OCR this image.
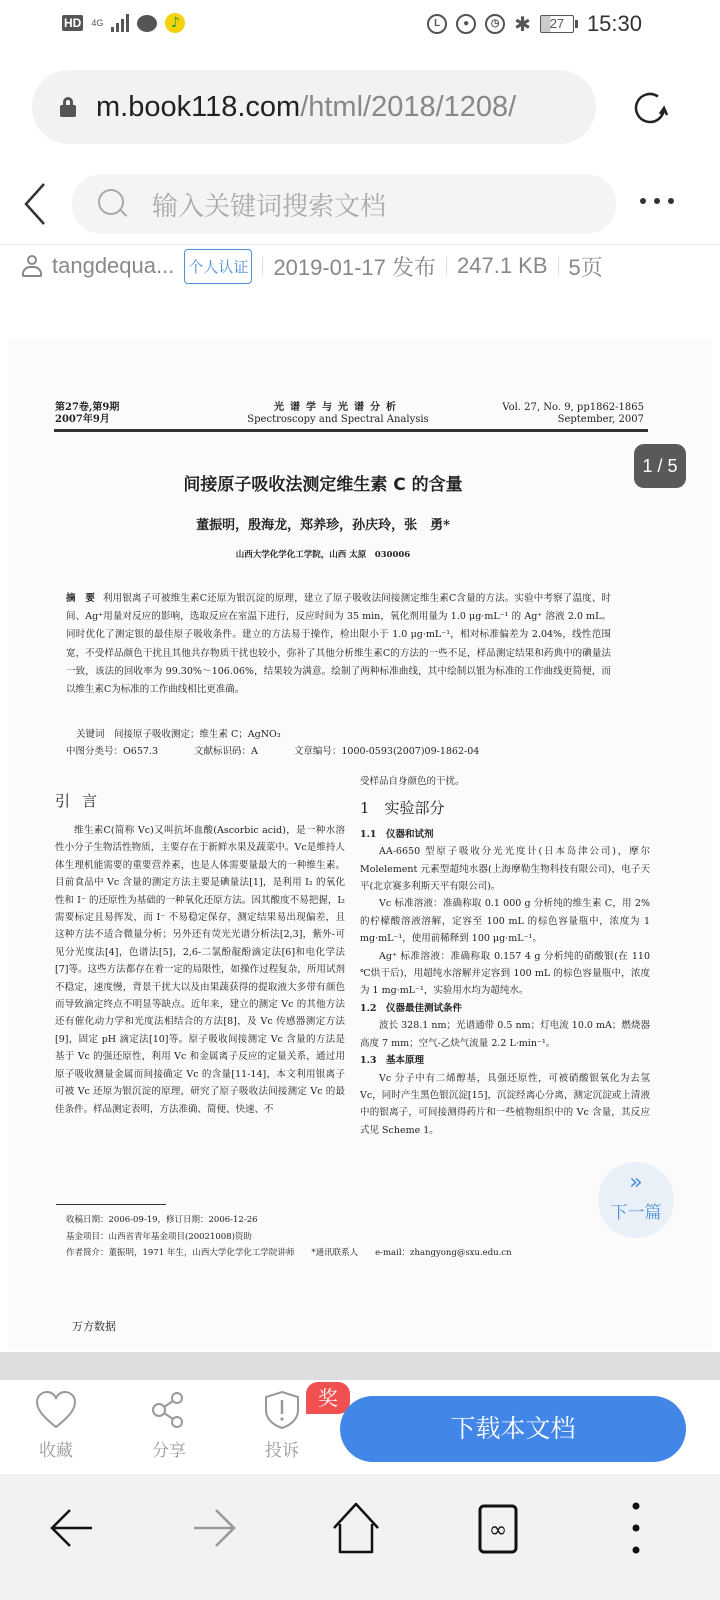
HD 4G	♪	L	●	◷ ✱	27	15:30
m.book118.com /html/2018/1208/
输入关键词搜索文档
tangdequa... 个人认证 2019-01-17 发布 247.1 KB 5页
第27卷,第9期
2007年9月
光谱学与光谱分析
Spectroscopy and Spectral Analysis
Vol. 27, No. 9, pp1862-1865
September, 2007
间接原子吸收法测定维生素 C 的含量
董振明，殷海龙，郑养珍，孙庆玲，张　勇*
山西大学化学化工学院，山西 太原　030006
摘　要 利用银离子可被维生素C还原为银沉淀的原理，建立了原子吸收法间接测定维生素C含量的方法。实验中考察了温度、时间、Ag⁺用量对反应的影响，选取反应在室温下进行，反应时间为 35 min，氧化剂用量为 1.0 μg·mL⁻¹ 的 Ag⁺ 溶液 2.0 mL。同时优化了测定银的最佳原子吸收条件。建立的方法易于操作，检出限小于 1.0 μg·mL⁻¹，相对标准偏差为 2.04%，线性范围宽，不受样品颜色干扰且其他共存物质干扰也较小，弥补了其他分析维生素C的方法的一些不足，样品测定结果和药典中的碘量法一致，该法的回收率为 99.30%～106.06%，结果较为满意。绘制了两种标准曲线，其中绘制以银为标准的工作曲线更简便，而以维生素C为标准的工作曲线相比更准确。
关键词　间接原子吸收测定；维生素 C；AgNO₃
中图分类号：O657.3	文献标识码：A	文章编号：1000-0593(2007)09-1862-04
引言

维生素C(简称 Vc)又叫抗坏血酸(Ascorbic acid)，是一种水溶性小分子生物活性物质，主要存在于新鲜水果及蔬菜中。Vc是维持人体生理机能需要的重要营养素，也是人体需要量最大的一种维生素。目前食品中 Vc 含量的测定方法主要是碘量法[1]，是利用 I₂ 的氧化性和 I⁻ 的还原性为基础的一种氧化还原方法。因其酸度不易把握，I₂ 需要标定且易挥发，而 I⁻ 不易稳定保存，测定结果易出现偏差，且这种方法不适合微量分析；另外还有荧光光谱分析法[2,3]，紫外-可见分光度法[4]，色谱法[5]，2,6-二氯酚靛酚滴定法[6]和电化学法[7]等。这些方法都存在着一定的局限性，如操作过程复杂，所用试剂不稳定，速度慢，背景干扰大以及由果蔬获得的提取液大多带有颜色而导致滴定终点不明显等缺点。近年来，建立的测定 Vc 的其他方法还有催化动力学和光度法相结合的方法[8]，及 Vc 传感器测定方法[9]，固定 pH 滴定法[10]等。原子吸收间接测定 Vc 含量的方法是基于 Vc 的强还原性，利用 Vc 和金属离子反应的定量关系，通过用原子吸收测量金属而间接确定 Vc 的含量[11-14]，本文利用银离子可被 Vc 还原为银沉淀的原理，研究了原子吸收法间接测定 Vc 的最佳条件。样品测定表明，方法准确、简便、快速、不

受样品自身颜色的干扰。

1　实验部分
1.1　仪器和试剂

AA-6650 型原子吸收分光光度计(日本岛津公司)，摩尔 Molelement 元素型超纯水器(上海摩勒生物科技有限公司)，电子天平(北京赛多利斯天平有限公司)。

Vc 标准溶液：准确称取 0.1 000 g 分析纯的维生素 C，用 2%的柠檬酸溶液溶解，定容至 100 mL 的棕色容量瓶中，浓度为 1 mg·mL⁻¹，使用前稀释到 100 μg·mL⁻¹。

Ag⁺ 标准溶液：准确称取 0.157 4 g 分析纯的硝酸银(在 110 ℃烘干后)，用超纯水溶解并定容到 100 mL 的棕色容量瓶中，浓度为 1 mg·mL⁻¹，实验用水均为超纯水。

1.2　仪器最佳测试条件

波长 328.1 nm；光谱通带 0.5 nm；灯电流 10.0 mA；燃烧器高度 7 mm；空气-乙炔气流量 2.2 L·min⁻¹。

1.3　基本原理

Vc 分子中有二烯醇基，具强还原性，可被硝酸银氧化为去氢 Vc，同时产生黑色银沉淀[15]，沉淀经离心分离，测定沉淀或上清液中的银离子，可间接测得药片和一些植物组织中的 Vc 含量，其反应式见 Scheme 1。

收稿日期：2006-09-19，修订日期：2006-12-26
基金项目：山西省青年基金项目(20021008)资助
作者简介：董振明，1971 年生，山西大学化学化工学院讲师　　*通讯联系人　　e-mail：zhangyong@sxu.edu.cn
万方数据
1 / 5
»
下一篇
收藏	分享	投诉
奖
下载本文档
∞
